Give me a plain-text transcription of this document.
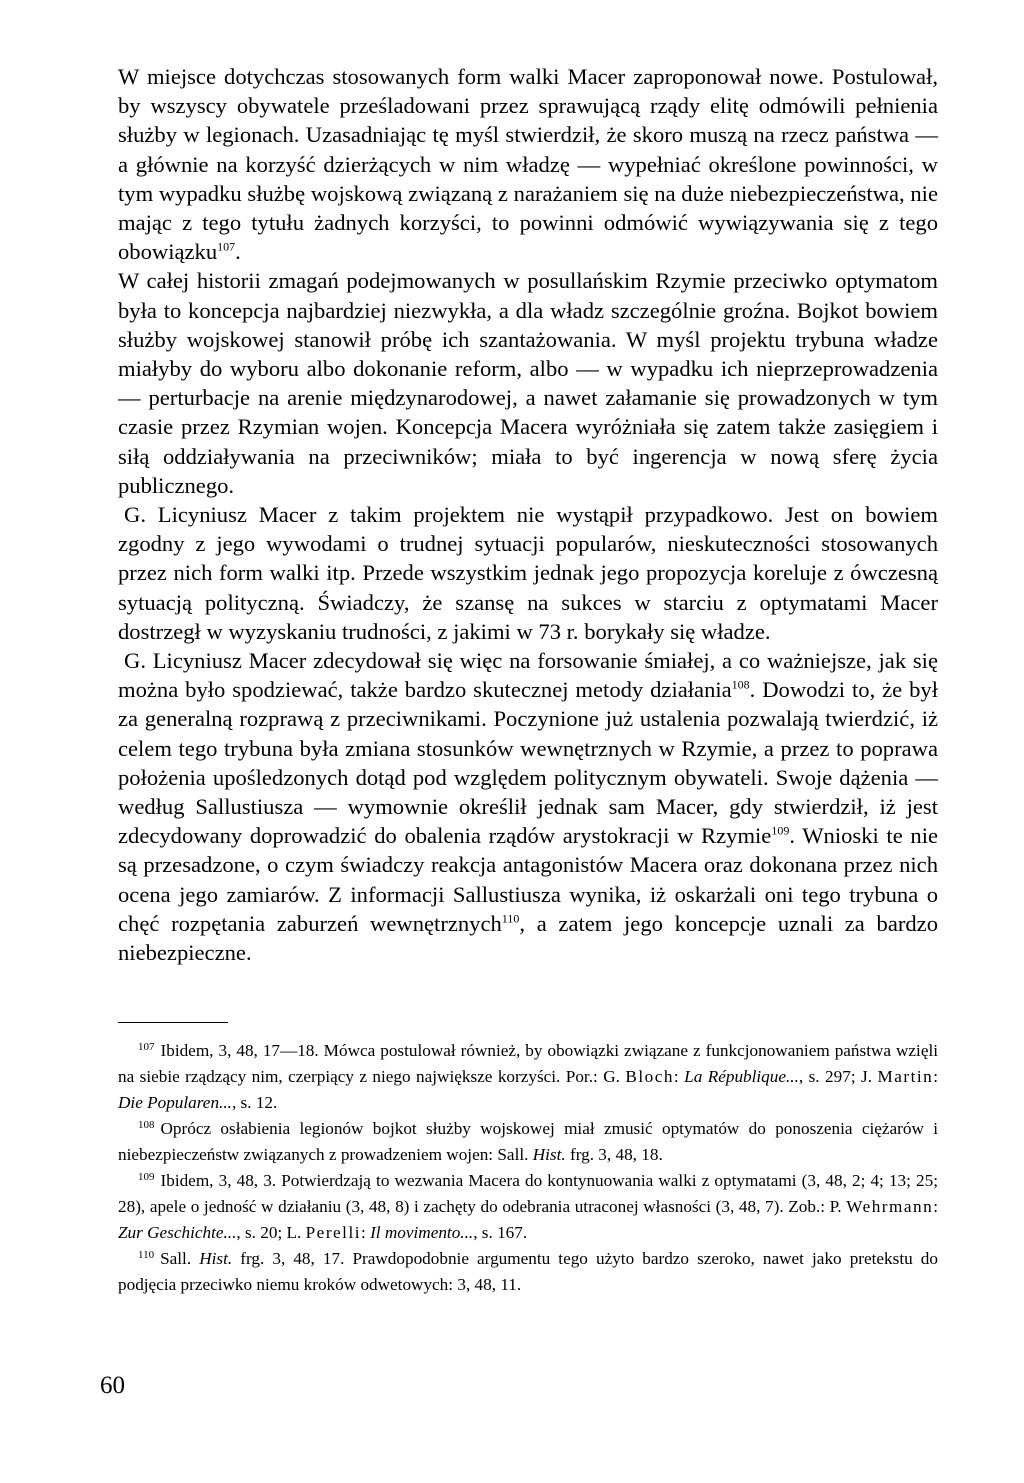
W miejsce dotychczas stosowanych form walki Macer zaproponował nowe. Postulował, by wszyscy obywatele prześladowani przez sprawującą rządy elitę odmówili pełnienia służby w legionach. Uzasadniając tę myśl stwierdził, że skoro muszą na rzecz państwa — a głównie na korzyść dzierżących w nim władzę — wypełniać określone powinności, w tym wypadku służbę wojskową związaną z narażaniem się na duże niebezpieczeństwa, nie mając z tego tytułu żadnych korzyści, to powinni odmówić wywiązywania się z tego obowiązku$^{107}$.

W całej historii zmagań podejmowanych w posullańskim Rzymie przeciwko optymatom była to koncepcja najbardziej niezwykła, a dla władz szczególnie groźna. Bojkot bowiem służby wojskowej stanowił próbę ich szantażowania. W myśl projektu trybuna władze miałyby do wyboru albo dokonanie reform, albo — w wypadku ich nieprzeprowadzenia — perturbacje na arenie międzynarodowej, a nawet załamanie się prowadzonych w tym czasie przez Rzymian wojen. Koncepcja Macera wyróżniała się zatem także zasięgiem i siłą oddziaływania na przeciwników; miała to być ingerencja w nową sferę życia publicznego.

G. Licyniusz Macer z takim projektem nie wystąpił przypadkowo. Jest on bowiem zgodny z jego wywodami o trudnej sytuacji popularów, nieskuteczności stosowanych przez nich form walki itp. Przede wszystkim jednak jego propozycja koreluje z ówczesną sytuacją polityczną. Świadczy, że szansę na sukces w starciu z optymatami Macer dostrzegł w wyzyskaniu trudności, z jakimi w 73 r. borykały się władze.

G. Licyniusz Macer zdecydował się więc na forsowanie śmiałej, a co ważniejsze, jak się można było spodziewać, także bardzo skutecznej metody działania$^{108}$. Dowodzi to, że był za generalną rozprawą z przeciwnikami. Poczynione już ustalenia pozwalają twierdzić, iż celem tego trybuna była zmiana stosunków wewnętrznych w Rzymie, a przez to poprawa położenia upośledzonych dotąd pod względem politycznym obywateli. Swoje dążenia — według Sallustiusza — wymownie określił jednak sam Macer, gdy stwierdził, iż jest zdecydowany doprowadzić do obalenia rządów arystokracji w Rzymie$^{109}$. Wnioski te nie są przesadzone, o czym świadczy reakcja antagonistów Macera oraz dokonana przez nich ocena jego zamiarów. Z informacji Sallustiusza wynika, iż oskarżali oni tego trybuna o chęć rozpętania zaburzeń wewnętrznych$^{110}$, a zatem jego koncepcje uznali za bardzo niebezpieczne.

$^{107}$ Ibidem, 3, 48, 17—18. Mówca postulował również, by obowiązki związane z funkcjonowaniem państwa wzięli na siebie rządzący nim, czerpiący z niego największe korzyści. Por.: G. Bloch: La République..., s. 297; J. Martin: Die Popularen..., s. 12.

$^{108}$ Oprócz osłabienia legionów bojkot służby wojskowej miał zmusić optymatów do ponoszenia ciężarów i niebezpieczeństw związanych z prowadzeniem wojen: Sall. Hist. frg. 3, 48, 18.

$^{109}$ Ibidem, 3, 48, 3. Potwierdzają to wezwania Macera do kontynuowania walki z optymatami (3, 48, 2; 4; 13; 25; 28), apele o jedność w działaniu (3, 48, 8) i zachęty do odebrania utraconej własności (3, 48, 7). Zob.: P. Wehrmann: Zur Geschichte..., s. 20; L. Perelli: Il movimento..., s. 167.

$^{110}$ Sall. Hist. frg. 3, 48, 17. Prawdopodobnie argumentu tego użyto bardzo szeroko, nawet jako pretekstu do podjęcia przeciwko niemu kroków odwetowych: 3, 48, 11.

60
